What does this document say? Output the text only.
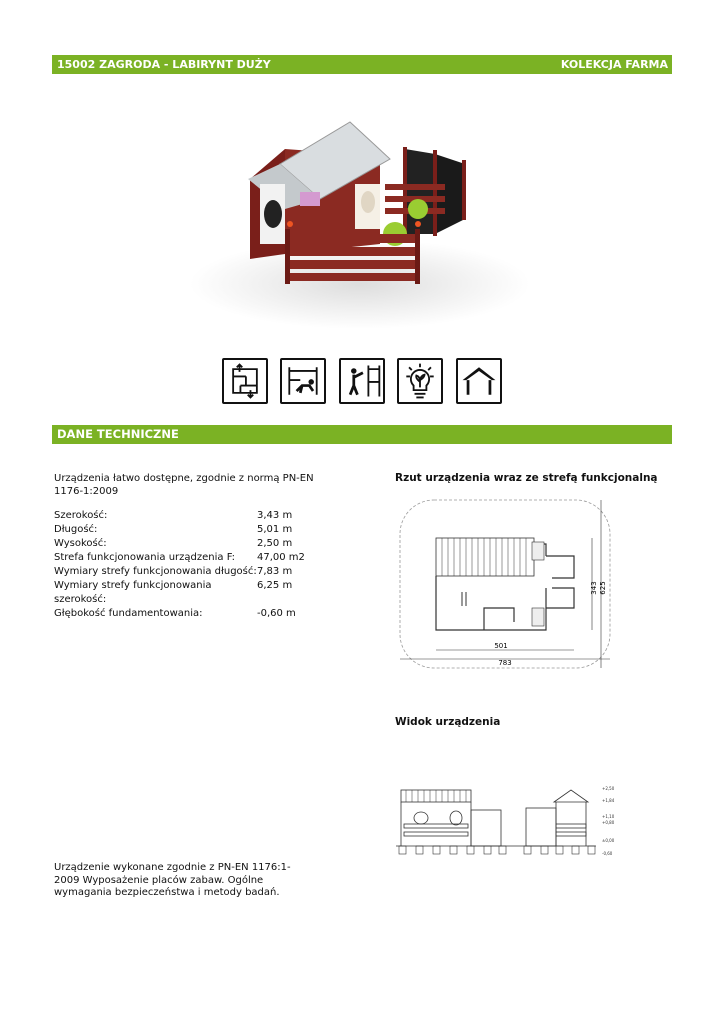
15002 ZAGRODA - LABIRYNT DUŻY	KOLEKCJA FARMA
DANE TECHNICZNE
Urządzenia łatwo dostępne, zgodnie z normą PN-EN 1176-1:2009
Szerokość:	3,43 m
Długość:	5,01 m
Wysokość:	2,50 m
Strefa funkcjonowania urządzenia F:	47,00 m2
Wymiary strefy funkcjonowania długość:	7,83 m
Wymiary strefy funkcjonowania szerokość:	6,25 m
Głębokość fundamentowania:	-0,60 m
Rzut urządzenia wraz ze strefą funkcjonalną
501
783
343 625
Widok urządzenia
+2,50
+1,84
+1,10
+0,80
±0,00
-0,60
Urządzenie wykonane zgodnie z PN-EN 1176:1-2009 Wyposażenie placów zabaw. Ogólne wymagania bezpieczeństwa i metody badań.
